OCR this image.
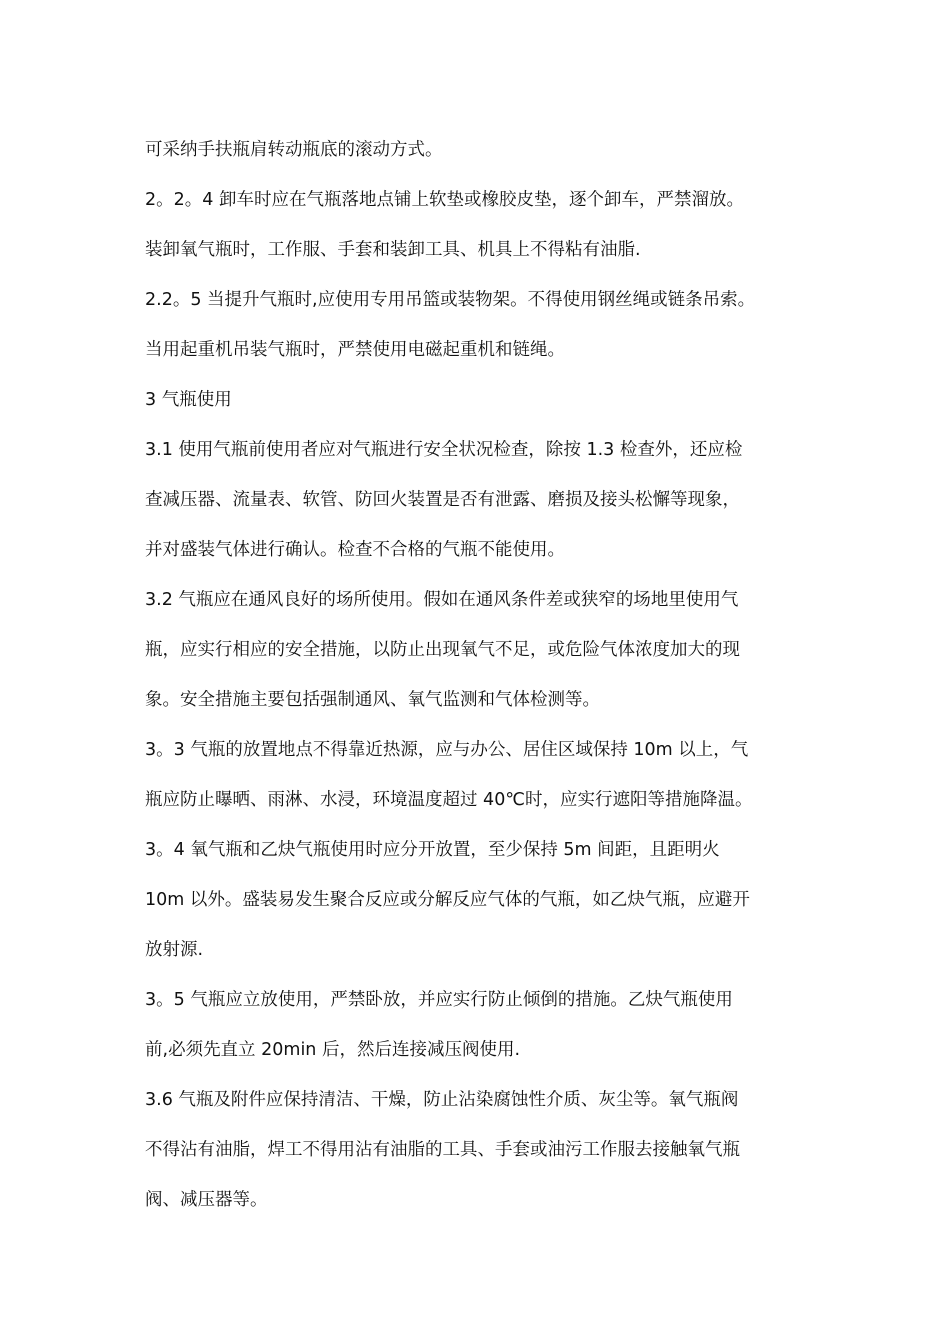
可采纳手扶瓶肩转动瓶底的滚动方式。
2。2。4 卸车时应在气瓶落地点铺上软垫或橡胶皮垫，逐个卸车，严禁溜放。
装卸氧气瓶时，工作服、手套和装卸工具、机具上不得粘有油脂.
2.2。5 当提升气瓶时,应使用专用吊篮或装物架。不得使用钢丝绳或链条吊索。
当用起重机吊装气瓶时，严禁使用电磁起重机和链绳。
3 气瓶使用
3.1 使用气瓶前使用者应对气瓶进行安全状况检查，除按 1.3 检查外，还应检
查减压器、流量表、软管、防回火装置是否有泄露、磨损及接头松懈等现象，
并对盛装气体进行确认。检查不合格的气瓶不能使用。
3.2 气瓶应在通风良好的场所使用。假如在通风条件差或狭窄的场地里使用气
瓶，应实行相应的安全措施，以防止出现氧气不足，或危险气体浓度加大的现
象。安全措施主要包括强制通风、氧气监测和气体检测等。
3。3 气瓶的放置地点不得靠近热源，应与办公、居住区域保持 10m 以上，气
瓶应防止曝晒、雨淋、水浸，环境温度超过 40℃时，应实行遮阳等措施降温。
3。4 氧气瓶和乙炔气瓶使用时应分开放置，至少保持 5m 间距，且距明火
10m 以外。盛装易发生聚合反应或分解反应气体的气瓶，如乙炔气瓶，应避开
放射源.
3。5 气瓶应立放使用，严禁卧放，并应实行防止倾倒的措施。乙炔气瓶使用
前,必须先直立 20min 后，然后连接减压阀使用.
3.6 气瓶及附件应保持清洁、干燥，防止沾染腐蚀性介质、灰尘等。氧气瓶阀
不得沾有油脂，焊工不得用沾有油脂的工具、手套或油污工作服去接触氧气瓶
阀、减压器等。
